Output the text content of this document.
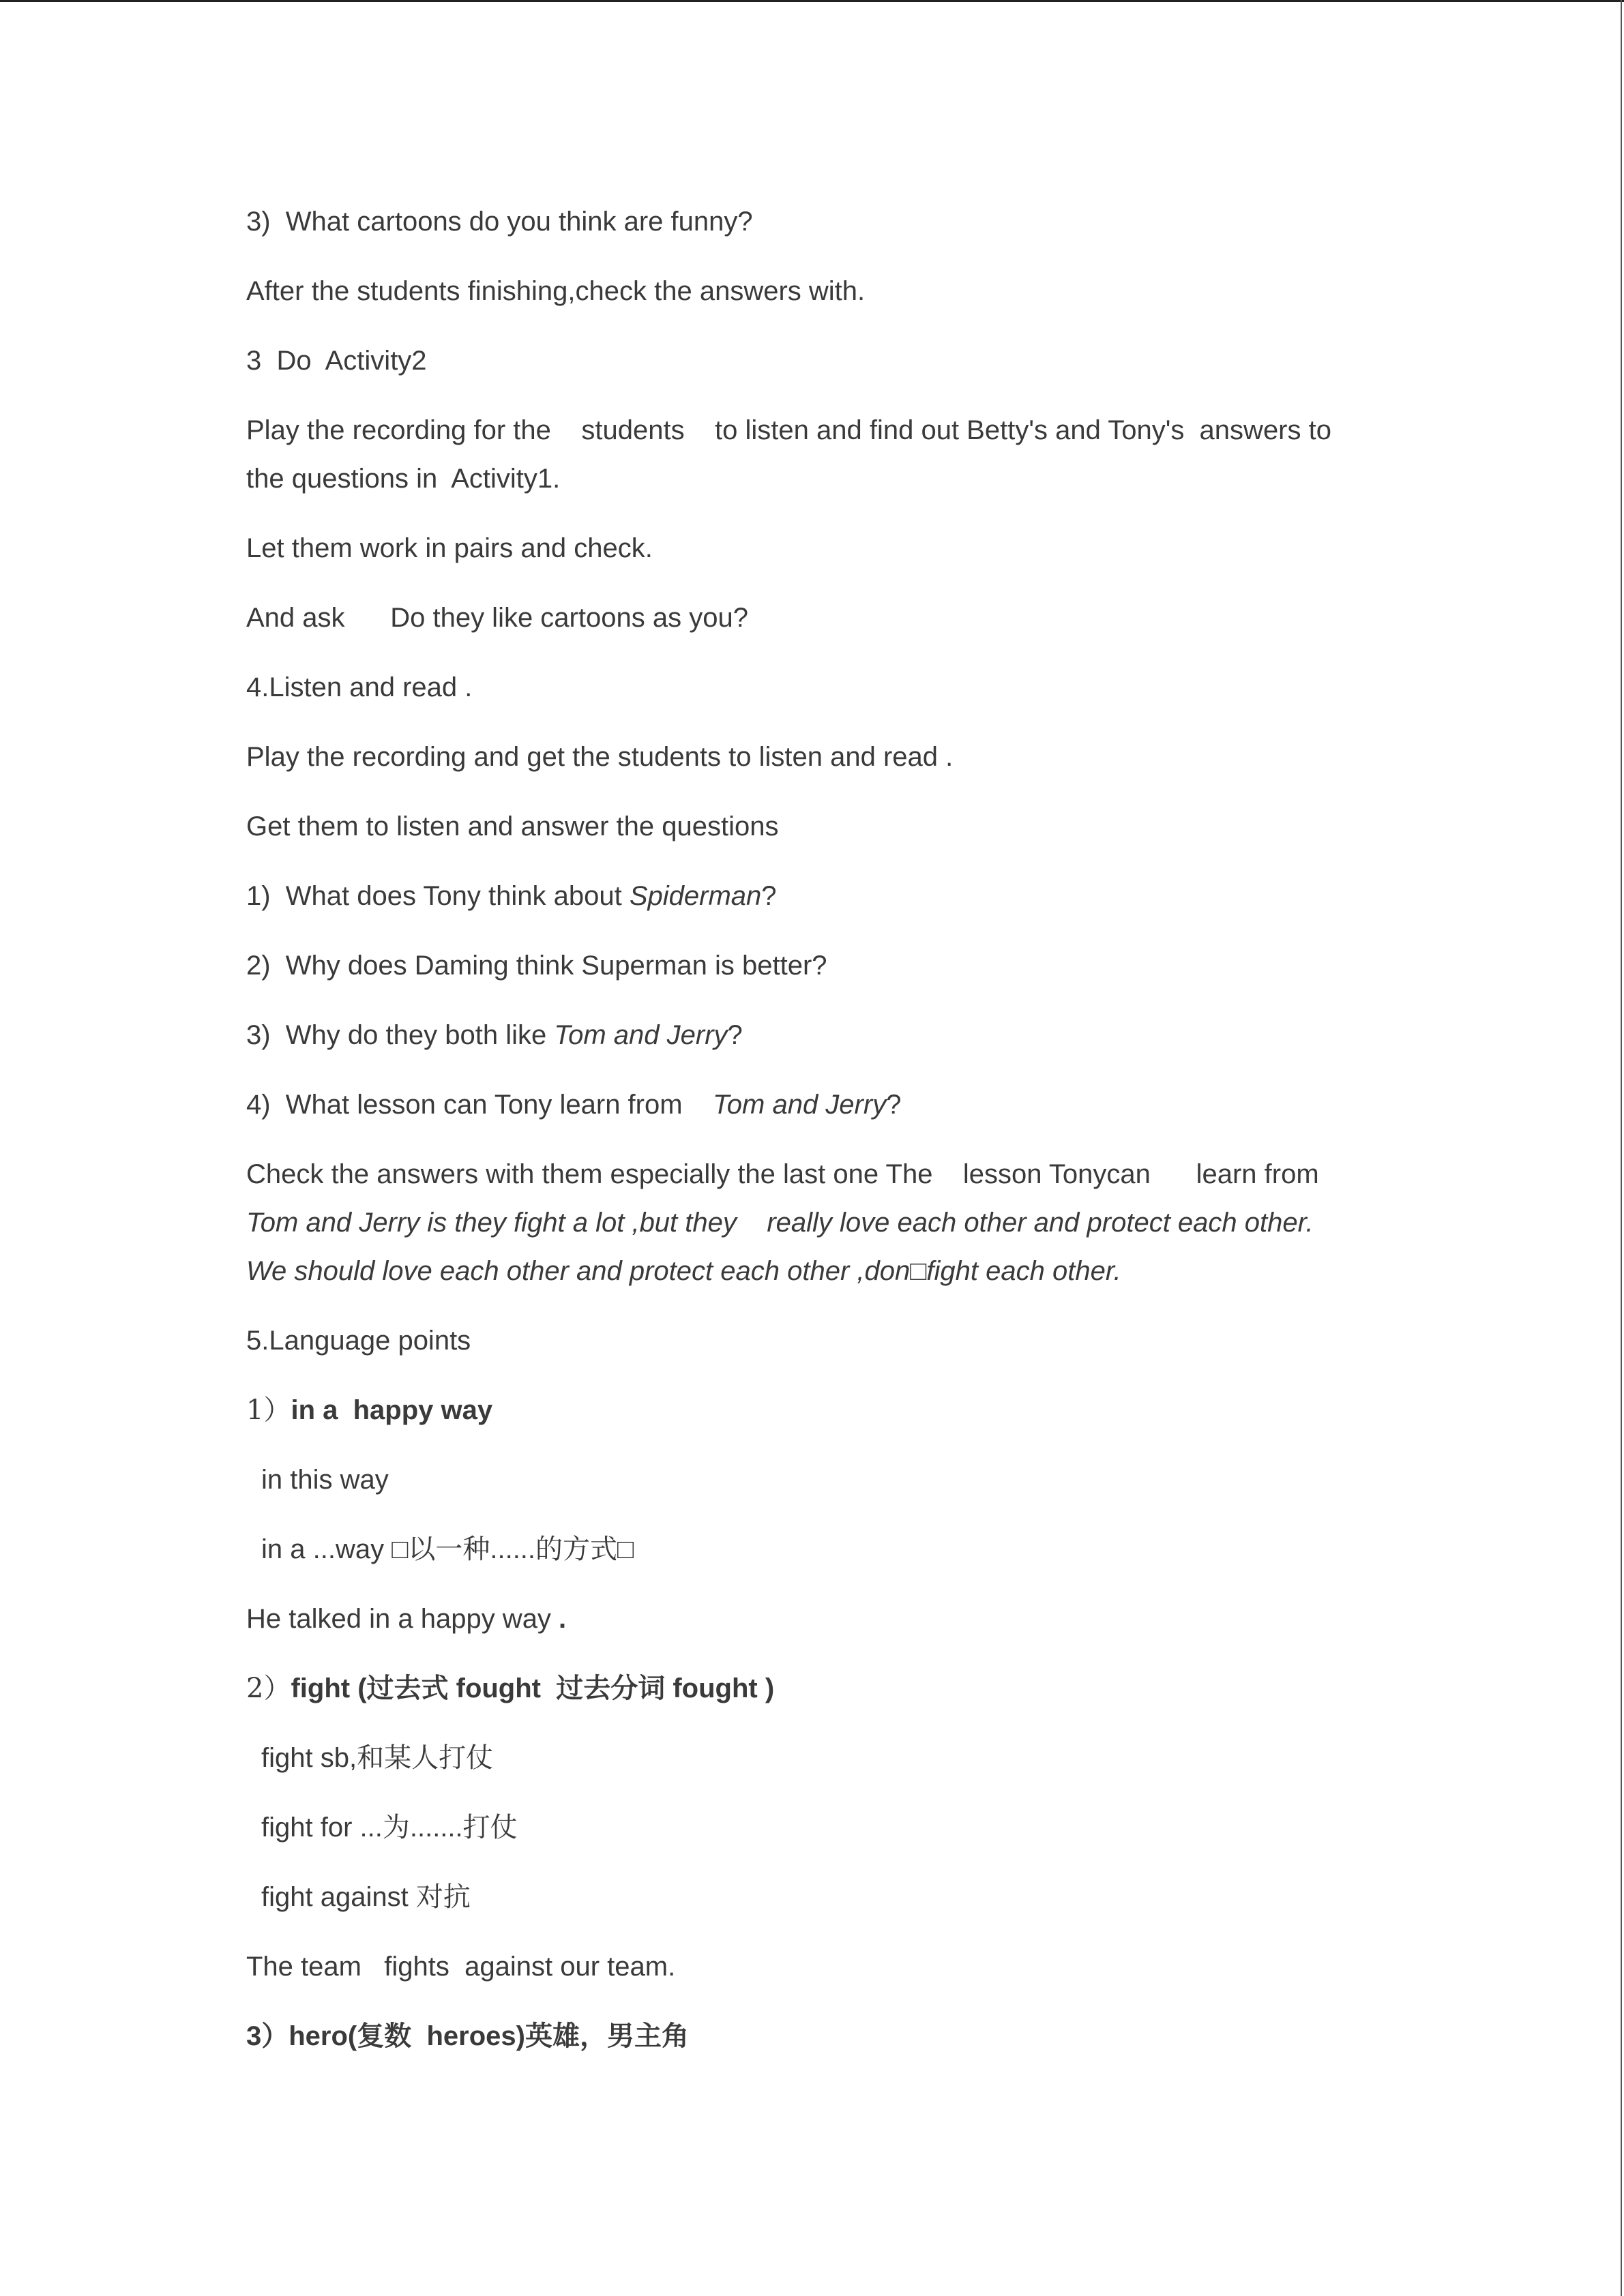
3)  What cartoons do you think are funny?
After the students finishing,check the answers with.
3  Do  Activity2
Play the recording for the    students    to listen and find out Betty's and Tony's  answers to
the questions in  Activity1.
Let them work in pairs and check.
And ask      Do they like cartoons as you?
4.Listen and read .
Play the recording and get the students to listen and read .
Get them to listen and answer the questions
1)  What does Tony think about Spiderman?
2)  Why does Daming think Superman is better?
3)  Why do they both like Tom and Jerry?
4)  What lesson can Tony learn from    Tom and Jerry?
Check the answers with them especially the last one The    lesson Tonycan      learn from
Tom and Jerry is they fight a lot ,but they    really love each other and protect each other.
We should love each other and protect each other ,don□fight each other.
5.Language points
1）in a  happy way
in this way
in a ...way □以一种......的方式□
He talked in a happy way .
2）fight (过去式 fought  过去分词 fought )
fight sb,和某人打仗
fight for ...为.......打仗
fight against 对抗
The team   fights  against our team.
3）hero(复数  heroes)英雄，男主角
